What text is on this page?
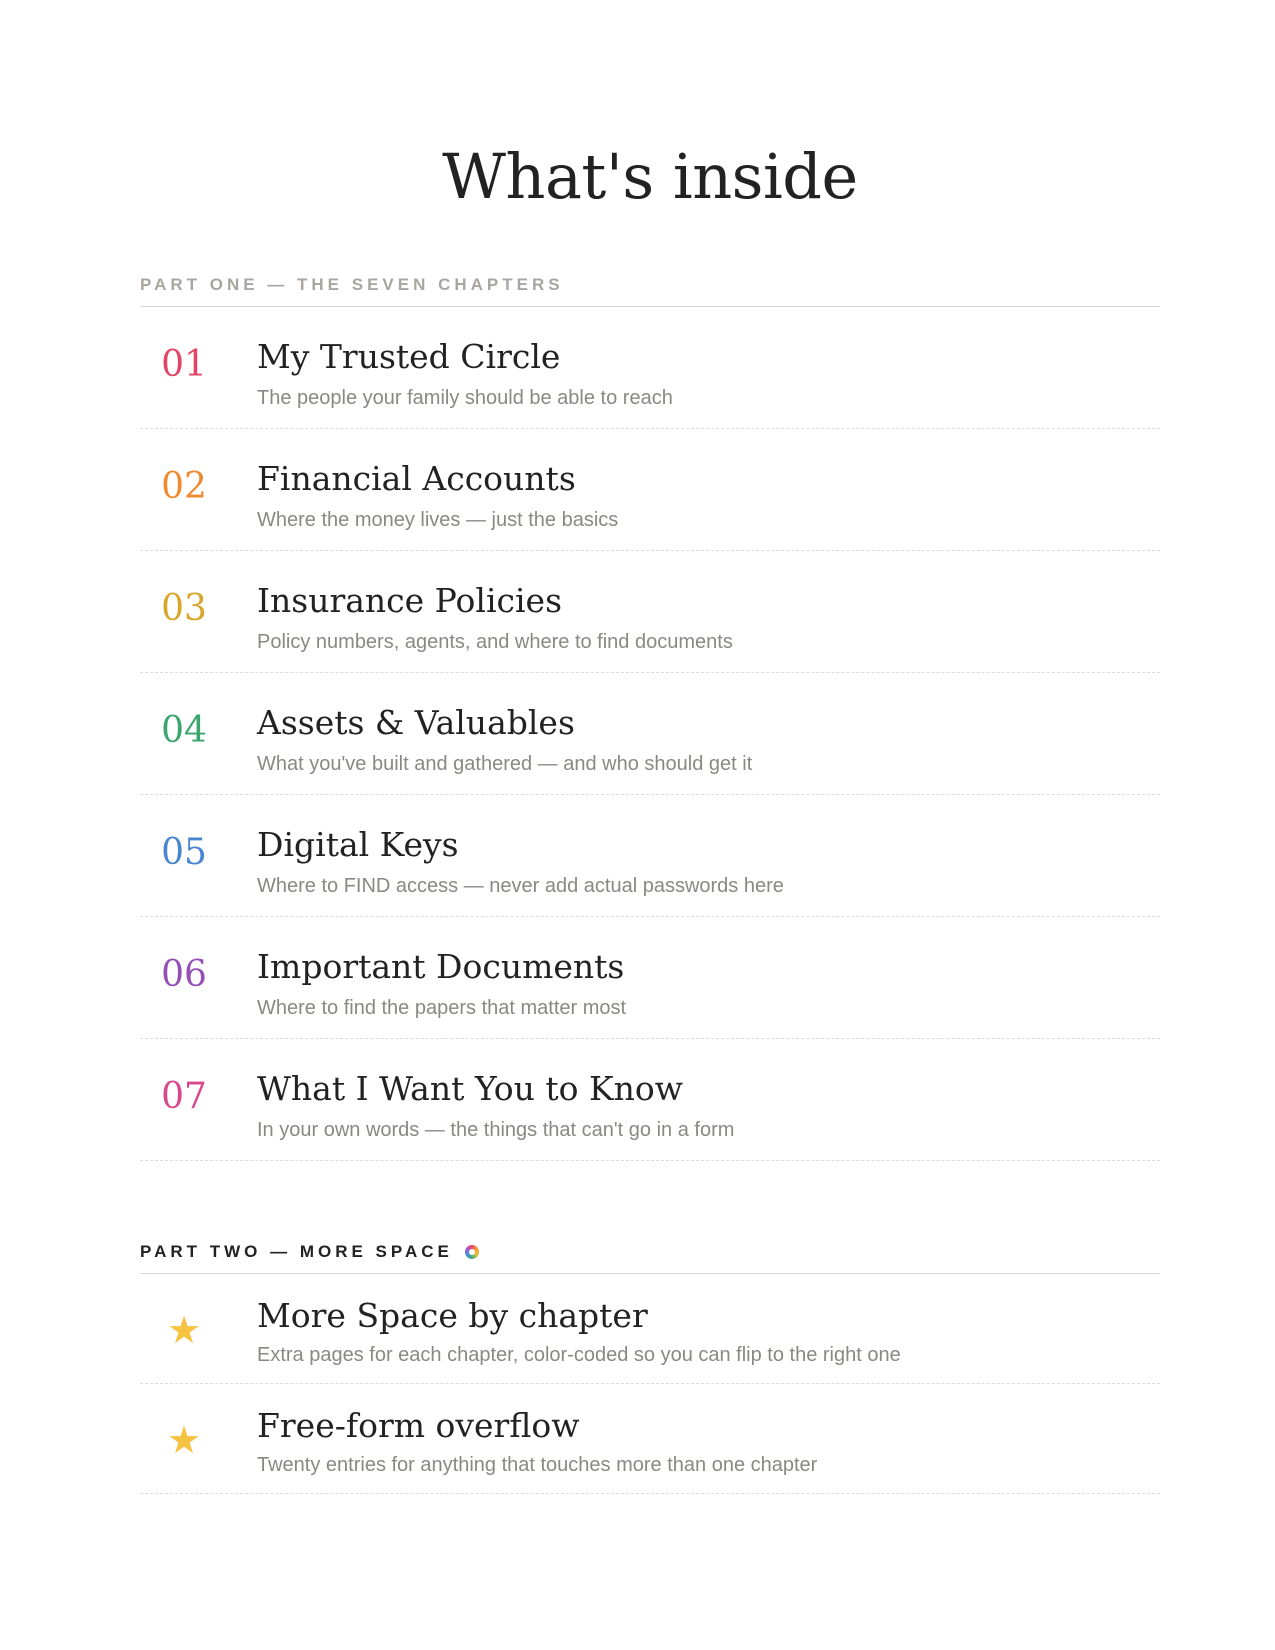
What's inside
PART ONE — THE SEVEN CHAPTERS
01	My Trusted Circle
The people your family should be able to reach
02	Financial Accounts
Where the money lives — just the basics
03	Insurance Policies
Policy numbers, agents, and where to find documents
04	Assets & Valuables
What you've built and gathered — and who should get it
05	Digital Keys
Where to FIND access — never add actual passwords here
06	Important Documents
Where to find the papers that matter most
07	What I Want You to Know
In your own words — the things that can't go in a form
PART TWO — MORE SPACE
★	More Space by chapter
Extra pages for each chapter, color-coded so you can flip to the right one
★	Free-form overflow
Twenty entries for anything that touches more than one chapter
